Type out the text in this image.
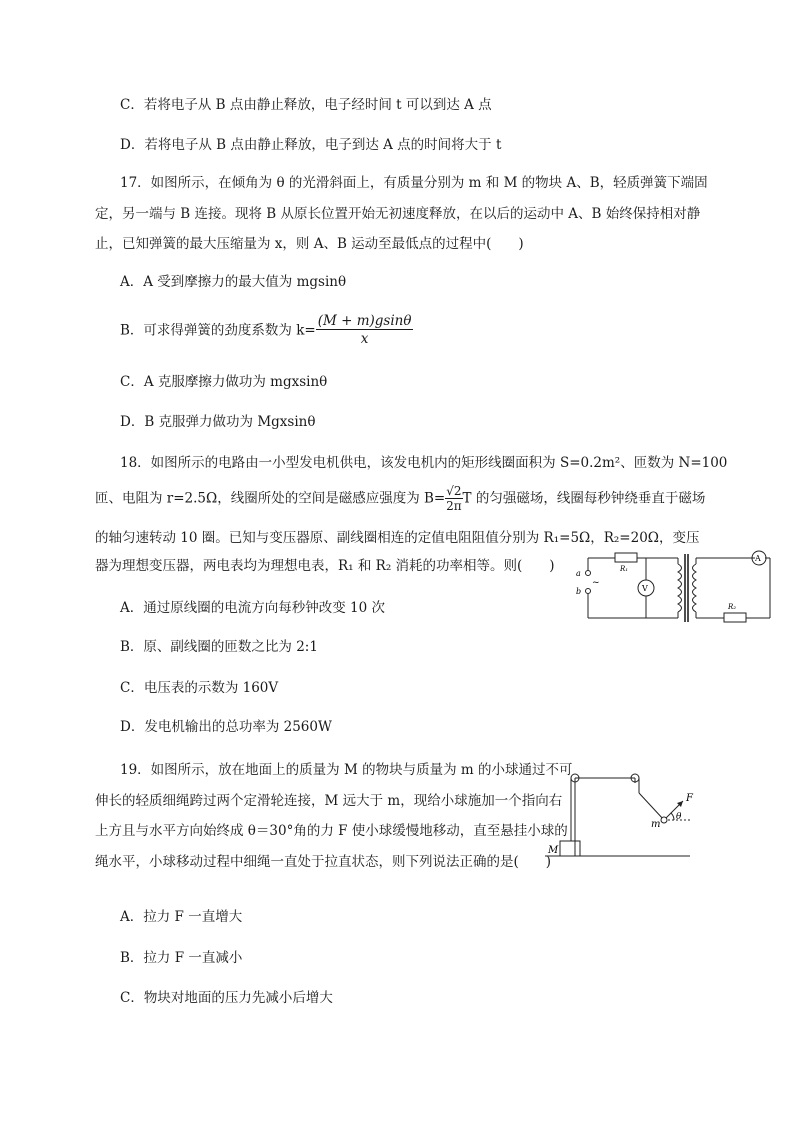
C．若将电子从 B 点由静止释放，电子经时间 t 可以到达 A 点
D．若将电子从 B 点由静止释放，电子到达 A 点的时间将大于 t
17．如图所示，在倾角为 θ 的光滑斜面上，有质量分别为 m 和 M 的物块 A、B，轻质弹簧下端固定，另一端与 B 连接。现将 B 从原长位置开始无初速度释放，在以后的运动中 A、B 始终保持相对静止，已知弹簧的最大压缩量为 x，则 A、B 运动至最低点的过程中(　　)
A．A 受到摩擦力的最大值为 mgsinθ
B．可求得弹簧的劲度系数为 $k= \frac{(M + m)gsin\theta}{x}$
C．A 克服摩擦力做功为 mgxsinθ
D．B 克服弹力做功为 Mgxsinθ
18．如图所示的电路由一小型发电机供电，该发电机内的矩形线圈面积为 S=0.2m²、匝数为 N=100
匝、电阻为 r=2.5Ω，线圈所处的空间是磁感应强度为 $B= \frac{√2}{2\pi}$ T 的匀强磁场，线圈每秒钟绕垂直于磁场
的轴匀速转动 10 圈。已知与变压器原、副线圈相连的定值电阻阻值分别为 R₁=5Ω，R₂=20Ω，变压
器为理想变压器，两电表均为理想电表，R₁ 和 R₂ 消耗的功率相等。则(　　)
A．通过原线圈的电流方向每秒钟改变 10 次
B．原、副线圈的匝数之比为 2:1
C．电压表的示数为 160V
D．发电机输出的总功率为 2560W
a
b
~
R₁
V
A
R₂
19．如图所示，放在地面上的质量为 M 的物块与质量为 m 的小球通过不可伸长的轻质细绳跨过两个定滑轮连接，M 远大于 m，现给小球施加一个指向右上方且与水平方向始终成 θ＝30°角的力 F 使小球缓慢地移动，直至悬挂小球的绳水平，小球移动过程中细绳一直处于拉直状态，则下列说法正确的是(　　)
A．拉力 F 一直增大
B．拉力 F 一直减小
C．物块对地面的压力先减小后增大
M
m
F
θ
